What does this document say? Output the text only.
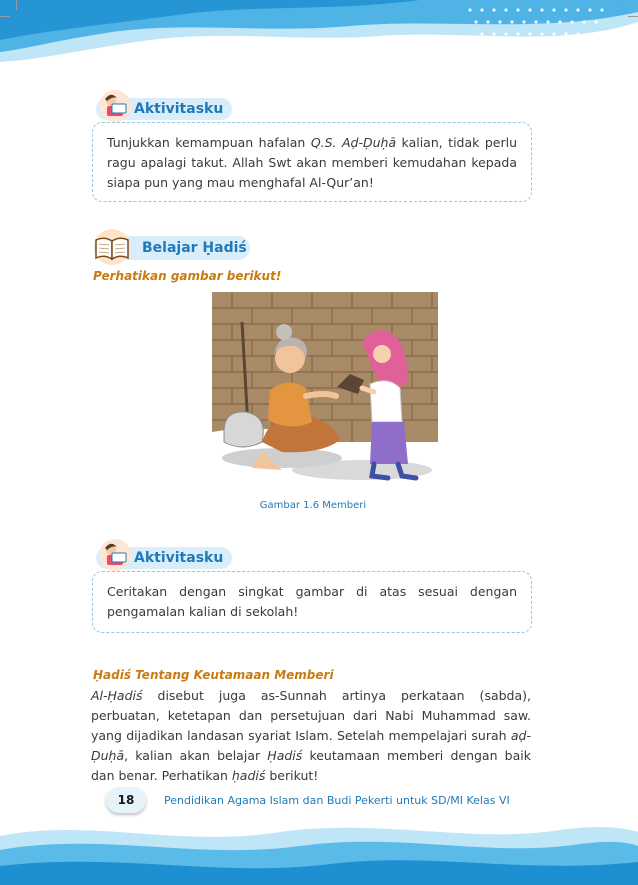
Aktivitasku

Tunjukkan kemampuan hafalan Q.S. Aḍ-Ḍuḥā kalian, tidak perlu ragu apalagi takut. Allah Swt akan memberi kemudahan kepada siapa pun yang mau menghafal Al-Qur’an!

Belajar Ḥadiś
Perhatikan gambar berikut!
Gambar 1.6 Memberi
Aktivitasku

Ceritakan dengan singkat gambar di atas sesuai dengan pengamalan kalian di sekolah!

Ḥadiś Tentang Keutamaan Memberi

Al-Ḥadiś disebut juga as-Sunnah artinya perkataan (sabda), perbuatan, ketetapan dan persetujuan dari Nabi Muhammad saw. yang dijadikan landasan syariat Islam. Setelah mempelajari surah aḍ-Ḍuḥā, kalian akan belajar Ḥadiś keutamaan memberi dengan baik dan benar. Perhatikan ḥadiś berikut!

18	Pendidikan Agama Islam dan Budi Pekerti untuk SD/MI Kelas VI
